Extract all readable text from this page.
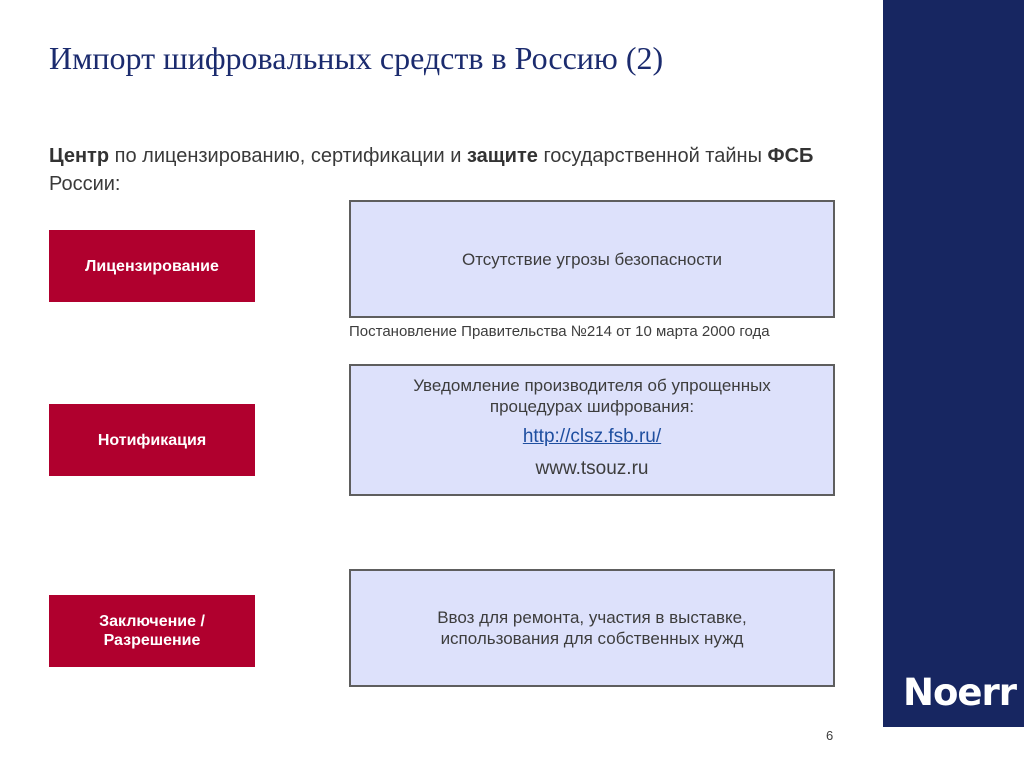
Noerr
Импорт шифровальных средств в Россию (2)
Центр по лицензированию, сертификации и защите государственной тайны ФСБ России:
Лицензирование	Отсутствие угрозы безопасности
Постановление Правительства №214 от 10 марта 2000 года
Нотификация
Уведомление производителя об упрощенных процедурах шифрования:
http://clsz.fsb.ru/
www.tsouz.ru
Заключение / Разрешение
Ввоз для ремонта, участия в выставке, использования для собственных нужд
6
